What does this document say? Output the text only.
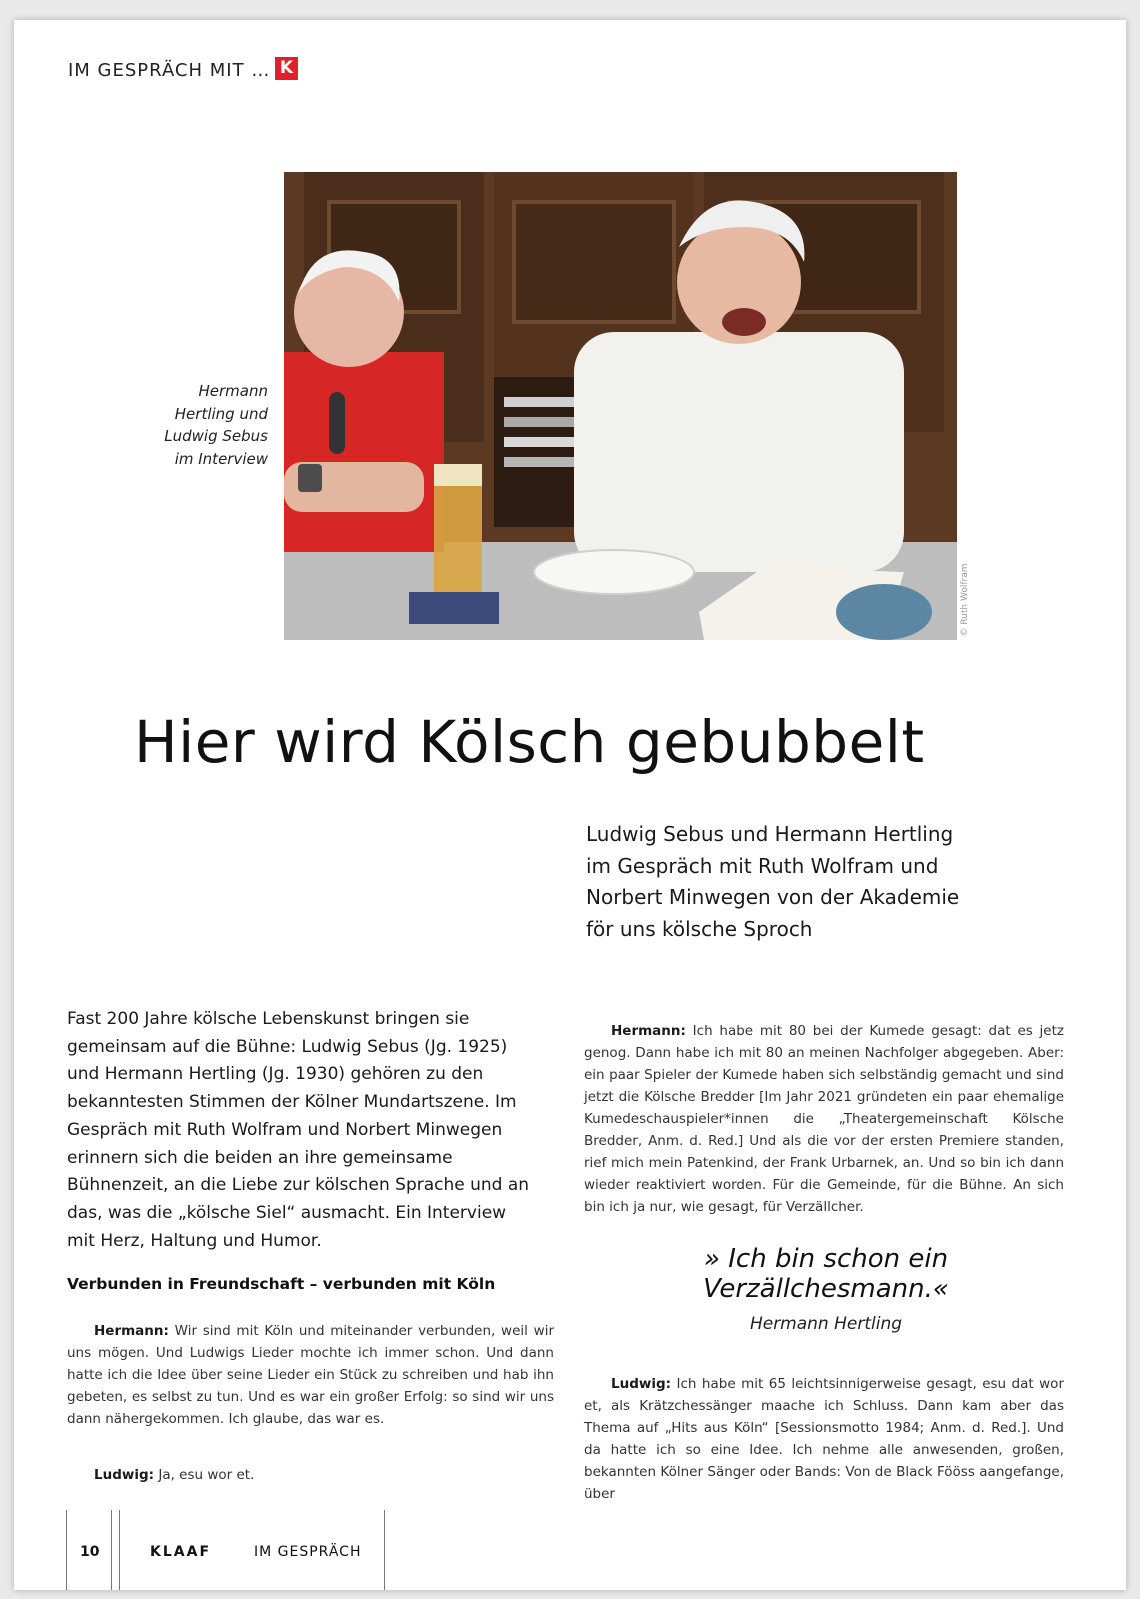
IM GESPRÄCH MIT … K
© Ruth Wolfram
Hermann
Hertling und
Ludwig Sebus
im Interview
Hier wird Kölsch gebubbelt
Ludwig Sebus und Hermann Hertling
im Gespräch mit Ruth Wolfram und
Norbert Minwegen von der Akademie
för uns kölsche Sproch
Fast 200 Jahre kölsche Lebenskunst bringen sie gemeinsam auf die Bühne: Ludwig Sebus (Jg. 1925) und Hermann Hertling (Jg. 1930) gehören zu den bekanntesten Stimmen der Kölner Mundartszene. Im Gespräch mit Ruth Wolfram und Norbert Minwegen erinnern sich die beiden an ihre gemeinsame Bühnenzeit, an die Liebe zur kölschen Sprache und an das, was die „kölsche Siel“ ausmacht. Ein Interview mit Herz, Haltung und Humor.
Verbunden in Freundschaft – verbunden mit Köln

Hermann: Wir sind mit Köln und miteinander verbunden, weil wir uns mögen. Und Ludwigs Lieder mochte ich immer schon. Und dann hatte ich die Idee über seine Lieder ein Stück zu schreiben und hab ihn gebeten, es selbst zu tun. Und es war ein großer Erfolg: so sind wir uns dann nähergekommen. Ich glaube, das war es.

Ludwig: Ja, esu wor et.

Hermann: Ich habe mit 80 bei der Kumede gesagt: dat es jetz genog. Dann habe ich mit 80 an meinen Nachfolger abgegeben. Aber: ein paar Spieler der Kumede haben sich selbständig gemacht und sind jetzt die Kölsche Bredder [Im Jahr 2021 gründeten ein paar ehemalige Kumedeschauspieler*innen die „Theatergemeinschaft Kölsche Bredder, Anm. d. Red.] Und als die vor der ersten Premiere standen, rief mich mein Patenkind, der Frank Urbarnek, an. Und so bin ich dann wieder reaktiviert worden. Für die Gemeinde, für die Bühne. An sich bin ich ja nur, wie gesagt, für Verzällcher.

» Ich bin schon ein Verzällchesmann.«
Hermann Hertling

Ludwig: Ich habe mit 65 leichtsinnigerweise gesagt, esu dat wor et, als Krätzchessänger maache ich Schluss. Dann kam aber das Thema auf „Hits aus Köln“ [Sessionsmotto 1984; Anm. d. Red.]. Und da hatte ich so eine Idee. Ich nehme alle anwesenden, großen, bekannten Kölner Sänger oder Bands: Von de Black Fööss aangefange, über

10	KLAAF	IM GESPRÄCH
